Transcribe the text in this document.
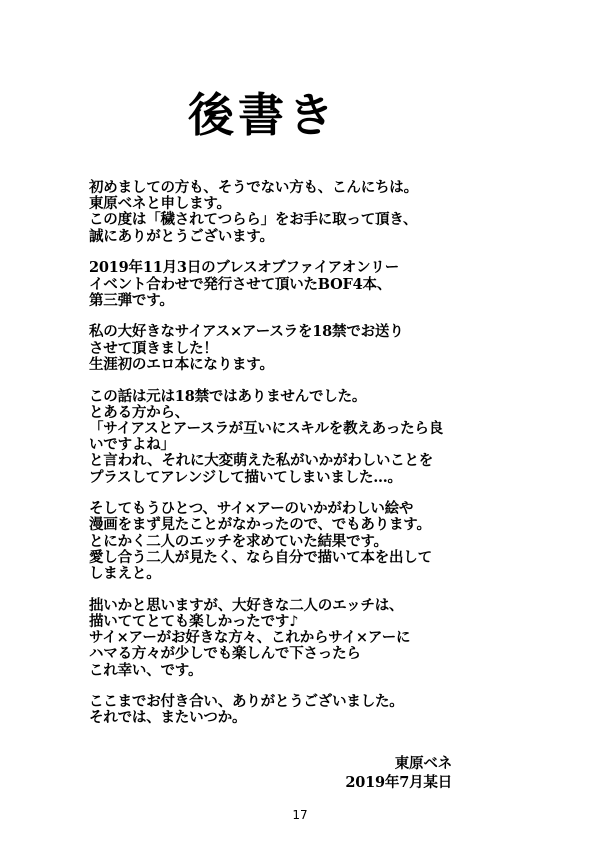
後書き
初めましての方も、そうでない方も、こんにちは。
東原ベネと申します。
この度は「穢されてつらら」をお手に取って頂き、
誠にありがとうございます。
2019年11月3日のブレスオブファイアオンリー
イベント合わせで発行させて頂いたBOF4本、
第三弾です。
私の大好きなサイアス×アースラを18禁でお送り
させて頂きました！
生涯初のエロ本になります。
この話は元は18禁ではありませんでした。
とある方から、
「サイアスとアースラが互いにスキルを教えあったら良
いですよね」
と言われ、それに大変萌えた私がいかがわしいことを
プラスしてアレンジして描いてしまいました…。
そしてもうひとつ、サイ×アーのいかがわしい絵や
漫画をまず見たことがなかったので、でもあります。
とにかく二人のエッチを求めていた結果です。
愛し合う二人が見たく、なら自分で描いて本を出して
しまえと。
拙いかと思いますが、大好きな二人のエッチは、
描いててとても楽しかったです♪
サイ×アーがお好きな方々、これからサイ×アーに
ハマる方々が少しでも楽しんで下さったら
これ幸い、です。
ここまでお付き合い、ありがとうございました。
それでは、またいつか。
東原ベネ
2019年7月某日
17
